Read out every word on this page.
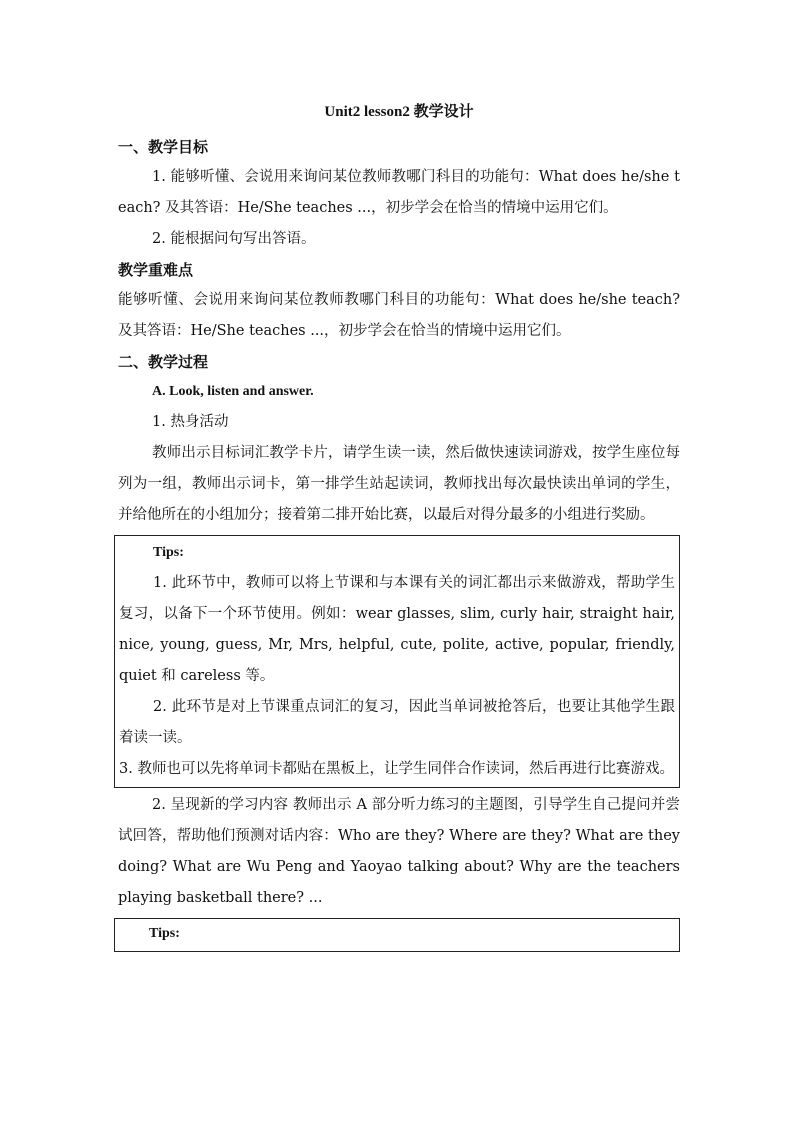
Unit2 lesson2 教学设计
一、教学目标
1. 能够听懂、会说用来询问某位教师教哪门科目的功能句：What does he/she teach? 及其答语：He/She teaches ...，初步学会在恰当的情境中运用它们。
2. 能根据问句写出答语。
教学重难点
能够听懂、会说用来询问某位教师教哪门科目的功能句：What does he/she teach? 及其答语：He/She teaches ...，初步学会在恰当的情境中运用它们。
二、教学过程
A. Look, listen and answer.
1. 热身活动
教师出示目标词汇教学卡片，请学生读一读，然后做快速读词游戏，按学生座位每列为一组，教师出示词卡，第一排学生站起读词，教师找出每次最快读出单词的学生，并给他所在的小组加分；接着第二排开始比赛，以最后对得分最多的小组进行奖励。
Tips:
1. 此环节中，教师可以将上节课和与本课有关的词汇都出示来做游戏，帮助学生复习，以备下一个环节使用。例如：wear glasses, slim, curly hair, straight hair, nice, young, guess, Mr, Mrs, helpful, cute, polite, active, popular, friendly, quiet 和 careless 等。
2. 此环节是对上节课重点词汇的复习，因此当单词被抢答后，也要让其他学生跟着读一读。
3. 教师也可以先将单词卡都贴在黑板上，让学生同伴合作读词，然后再进行比赛游戏。
2. 呈现新的学习内容 教师出示 A 部分听力练习的主题图，引导学生自己提问并尝试回答，帮助他们预测对话内容：Who are they? Where are they? What are they doing? What are Wu Peng and Yaoyao talking about? Why are the teachers playing basketball there? ...
Tips:
